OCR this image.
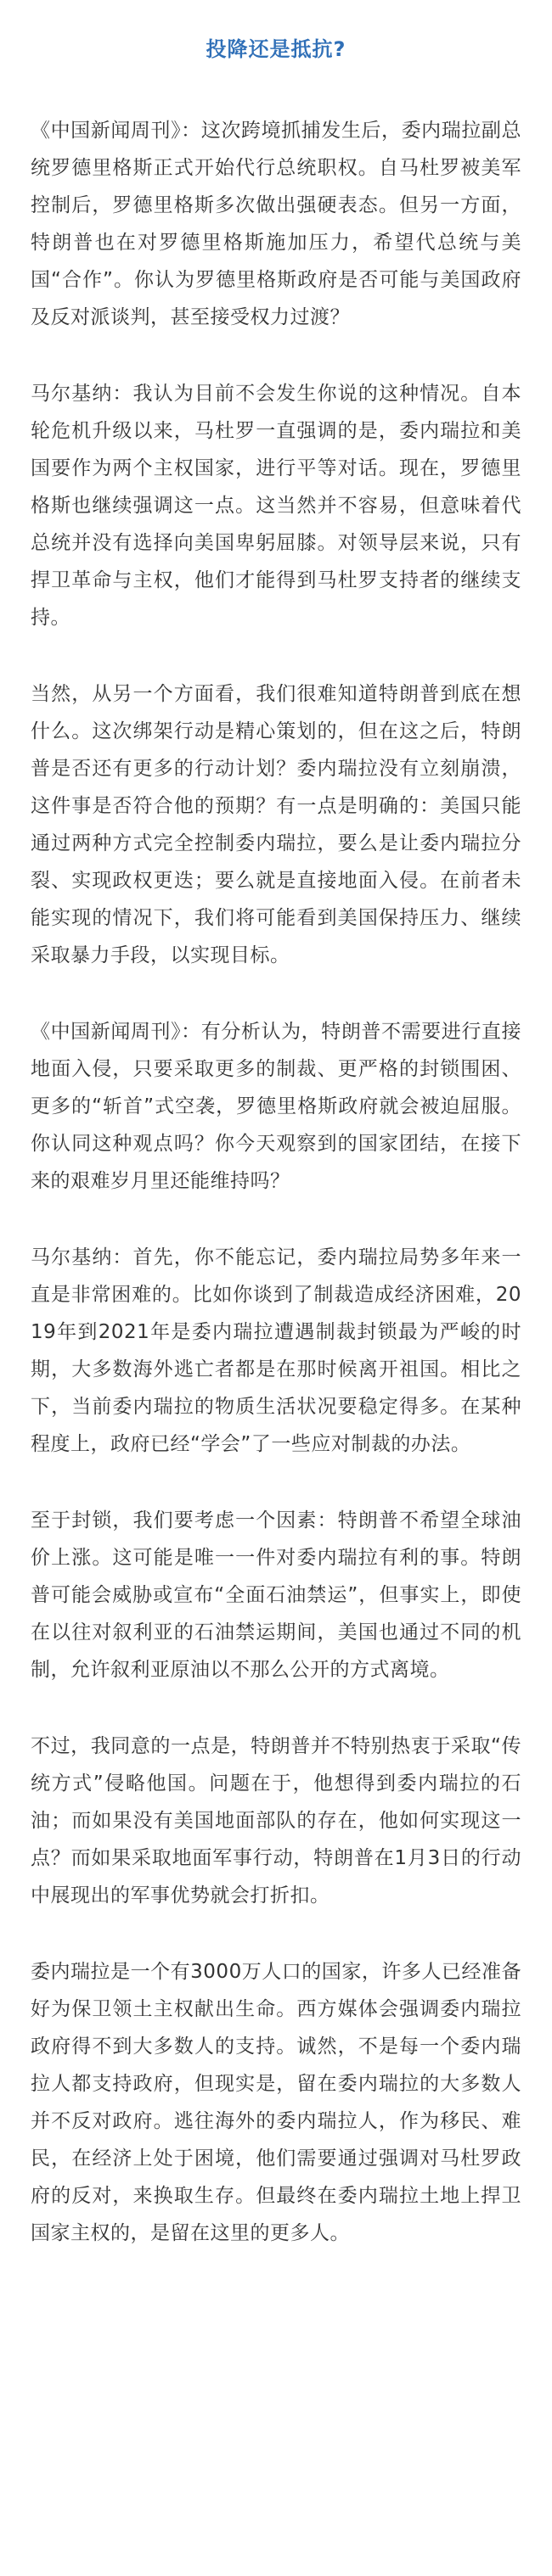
投降还是抵抗?

《中国新闻周刊》：这次跨境抓捕发生后，委内瑞拉副总统罗德里格斯正式开始代行总统职权。自马杜罗被美军控制后，罗德里格斯多次做出强硬表态。但另一方面，特朗普也在对罗德里格斯施加压力，希望代总统与美国“合作”。你认为罗德里格斯政府是否可能与美国政府及反对派谈判，甚至接受权力过渡？

马尔基纳：我认为目前不会发生你说的这种情况。自本轮危机升级以来，马杜罗一直强调的是，委内瑞拉和美国要作为两个主权国家，进行平等对话。现在，罗德里格斯也继续强调这一点。这当然并不容易，但意味着代总统并没有选择向美国卑躬屈膝。对领导层来说，只有捍卫革命与主权，他们才能得到马杜罗支持者的继续支持。

当然，从另一个方面看，我们很难知道特朗普到底在想什么。这次绑架行动是精心策划的，但在这之后，特朗普是否还有更多的行动计划？委内瑞拉没有立刻崩溃，这件事是否符合他的预期？有一点是明确的：美国只能通过两种方式完全控制委内瑞拉，要么是让委内瑞拉分裂、实现政权更迭；要么就是直接地面入侵。在前者未能实现的情况下，我们将可能看到美国保持压力、继续采取暴力手段，以实现目标。

《中国新闻周刊》：有分析认为，特朗普不需要进行直接地面入侵，只要采取更多的制裁、更严格的封锁围困、更多的“斩首”式空袭，罗德里格斯政府就会被迫屈服。你认同这种观点吗？你今天观察到的国家团结，在接下来的艰难岁月里还能维持吗？

马尔基纳：首先，你不能忘记，委内瑞拉局势多年来一直是非常困难的。比如你谈到了制裁造成经济困难，2019年到2021年是委内瑞拉遭遇制裁封锁最为严峻的时期，大多数海外逃亡者都是在那时候离开祖国。相比之下，当前委内瑞拉的物质生活状况要稳定得多。在某种程度上，政府已经“学会”了一些应对制裁的办法。

至于封锁，我们要考虑一个因素：特朗普不希望全球油价上涨。这可能是唯一一件对委内瑞拉有利的事。特朗普可能会威胁或宣布“全面石油禁运”，但事实上，即使在以往对叙利亚的石油禁运期间，美国也通过不同的机制，允许叙利亚原油以不那么公开的方式离境。

不过，我同意的一点是，特朗普并不特别热衷于采取“传统方式”侵略他国。问题在于，他想得到委内瑞拉的石油；而如果没有美国地面部队的存在，他如何实现这一点？而如果采取地面军事行动，特朗普在1月3日的行动中展现出的军事优势就会打折扣。

委内瑞拉是一个有3000万人口的国家，许多人已经准备好为保卫领土主权献出生命。西方媒体会强调委内瑞拉政府得不到大多数人的支持。诚然，不是每一个委内瑞拉人都支持政府，但现实是，留在委内瑞拉的大多数人并不反对政府。逃往海外的委内瑞拉人，作为移民、难民，在经济上处于困境，他们需要通过强调对马杜罗政府的反对，来换取生存。但最终在委内瑞拉土地上捍卫国家主权的，是留在这里的更多人。
